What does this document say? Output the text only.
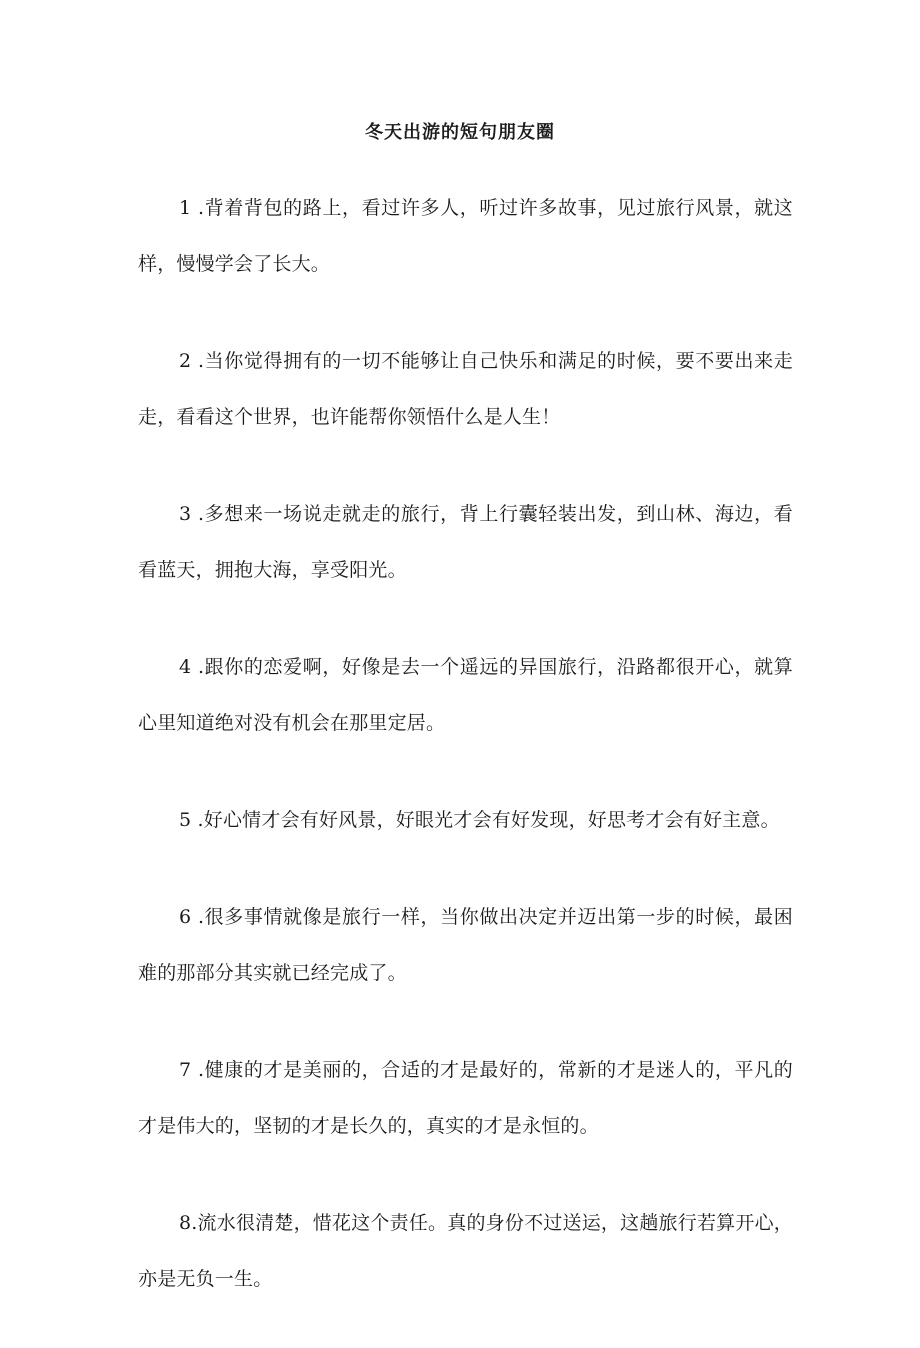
冬天出游的短句朋友圈

1 .背着背包的路上，看过许多人，听过许多故事，见过旅行风景，就这样，慢慢学会了长大。

2 .当你觉得拥有的一切不能够让自己快乐和满足的时候，要不要出来走走，看看这个世界，也许能帮你领悟什么是人生！

3 .多想来一场说走就走的旅行，背上行囊轻装出发，到山林、海边，看看蓝天，拥抱大海，享受阳光。

4 .跟你的恋爱啊，好像是去一个遥远的异国旅行，沿路都很开心，就算心里知道绝对没有机会在那里定居。

5 .好心情才会有好风景，好眼光才会有好发现，好思考才会有好主意。

6 .很多事情就像是旅行一样，当你做出决定并迈出第一步的时候，最困难的那部分其实就已经完成了。

7 .健康的才是美丽的，合适的才是最好的，常新的才是迷人的，平凡的才是伟大的，坚韧的才是长久的，真实的才是永恒的。

8.流水很清楚，惜花这个责任。真的身份不过送运，这趟旅行若算开心，亦是无负一生。
